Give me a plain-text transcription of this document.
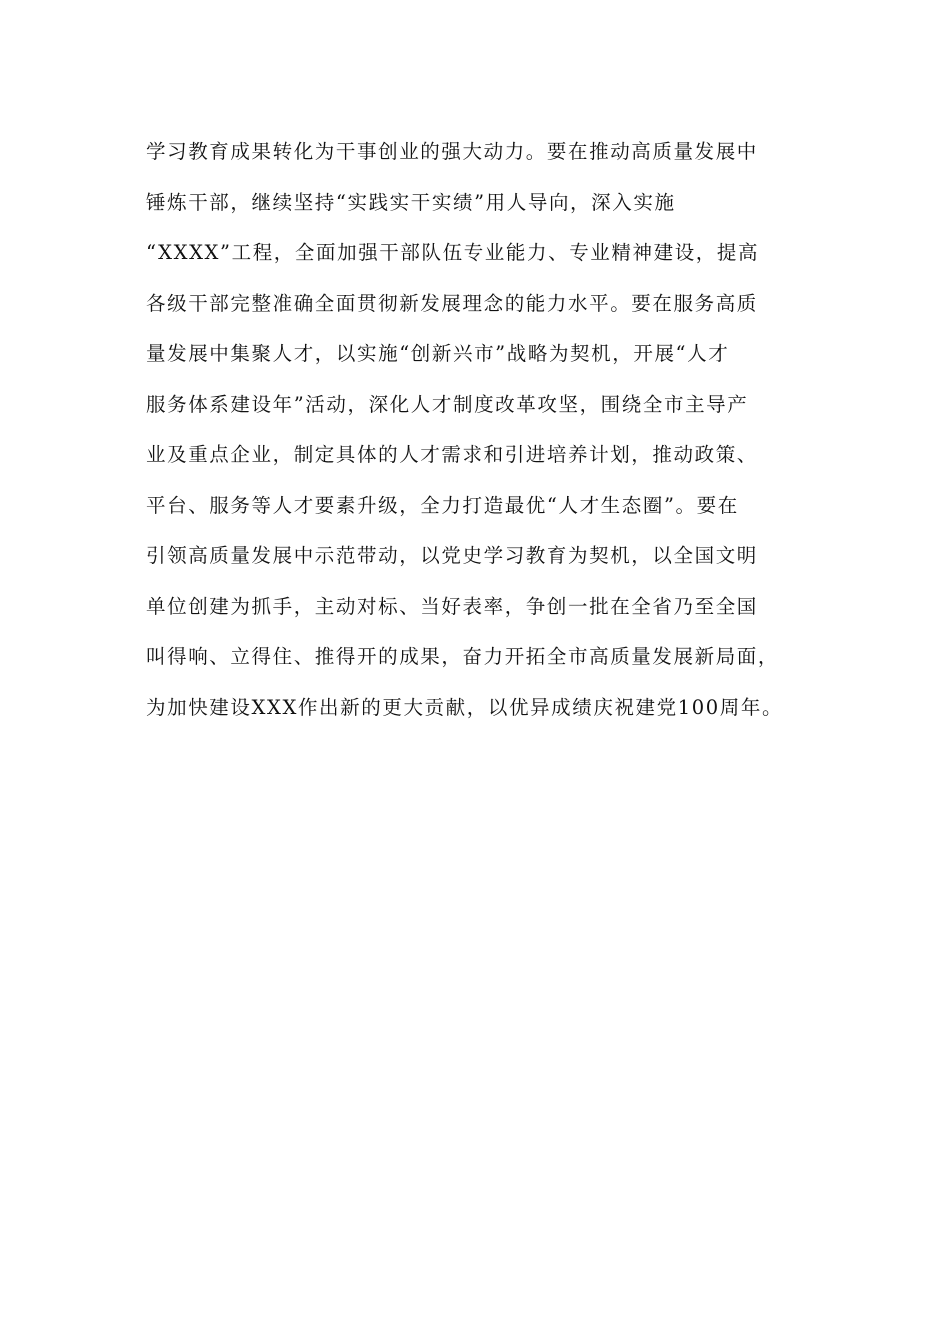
学习教育成果转化为干事创业的强大动力。要在推动高质量发展中
锤炼干部，继续坚持“实践实干实绩”用人导向，深入实施
“XXXX”工程，全面加强干部队伍专业能力、专业精神建设，提高
各级干部完整准确全面贯彻新发展理念的能力水平。要在服务高质
量发展中集聚人才，以实施“创新兴市”战略为契机，开展“人才
服务体系建设年”活动，深化人才制度改革攻坚，围绕全市主导产
业及重点企业，制定具体的人才需求和引进培养计划，推动政策、
平台、服务等人才要素升级，全力打造最优“人才生态圈”。要在
引领高质量发展中示范带动，以党史学习教育为契机，以全国文明
单位创建为抓手，主动对标、当好表率，争创一批在全省乃至全国
叫得响、立得住、推得开的成果，奋力开拓全市高质量发展新局面，
为加快建设XXX作出新的更大贡献，以优异成绩庆祝建党100周年。
